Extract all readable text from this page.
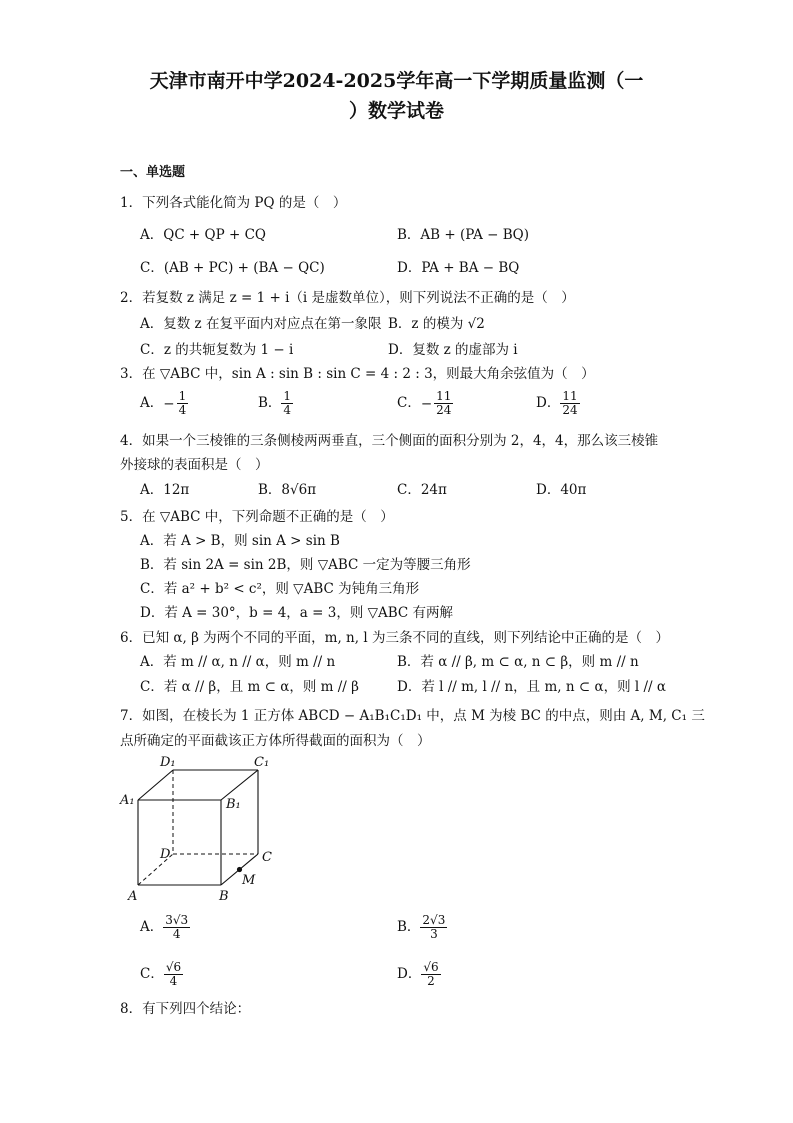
天津市南开中学2024-2025学年高一下学期质量监测（一
）数学试卷
一、单选题
1．下列各式能化简为 PQ 的是（　）
A．QC + QP + CQ	B．AB + (PA − BQ)
C．(AB + PC) + (BA − QC)	D．PA + BA − BQ
2．若复数 z 满足 z = 1 + i（i 是虚数单位），则下列说法不正确的是（　）
A．复数 z 在复平面内对应点在第一象限 B．z 的模为 √2
C．z 的共轭复数为 1 − i	D．复数 z 的虚部为 i
3．在 ▽ABC 中，sin A : sin B : sin C = 4 : 2 : 3，则最大角余弦值为（　）
A．− $\frac{1}{4}$	B． $\frac{1}{4}$	C．− $\frac{11}{24}$	D． $\frac{11}{24}$
4．如果一个三棱锥的三条侧棱两两垂直，三个侧面的面积分别为 2，4，4，那么该三棱锥
外接球的表面积是（　）
A．12π	B．8√6π	C．24π	D．40π
5．在 ▽ABC 中，下列命题不正确的是（　）
A．若 A > B，则 sin A > sin B
B．若 sin 2A = sin 2B，则 ▽ABC 一定为等腰三角形
C．若 a² + b² < c²，则 ▽ABC 为钝角三角形
D．若 A = 30°，b = 4，a = 3，则 ▽ABC 有两解
6．已知 α, β 为两个不同的平面，m, n, l 为三条不同的直线，则下列结论中正确的是（　）
A．若 m // α, n // α，则 m // n	B．若 α // β, m ⊂ α, n ⊂ β，则 m // n
C．若 α // β，且 m ⊂ α，则 m // β	D．若 l // m, l // n，且 m, n ⊂ α，则 l // α
7．如图，在棱长为 1 正方体 ABCD − A₁B₁C₁D₁ 中，点 M 为棱 BC 的中点，则由 A, M, C₁ 三
点所确定的平面截该正方体所得截面的面积为（　）
D₁	C₁
A₁	B₁
D	C
A	B
M
A． $\frac{3√3}{4}$	B． $\frac{2√3}{3}$
C． $\frac{√6}{4}$	D． $\frac{√6}{2}$
8．有下列四个结论：
